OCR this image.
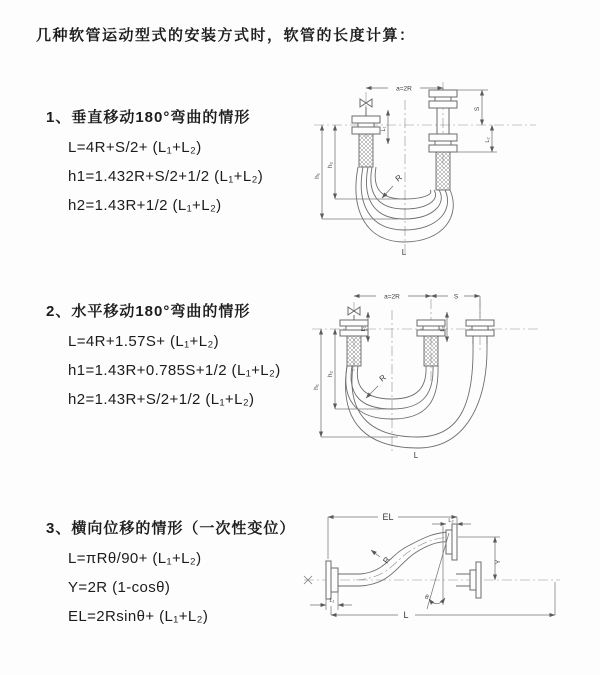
几种软管运动型式的安装方式时，软管的长度计算：
1、垂直移动180°弯曲的情形
L=4R+S/2+ (L₁+L₂)
h1=1.432R+S/2+1/2 (L₁+L₂)
h2=1.43R+1/2 (L₁+L₂)
2、水平移动180°弯曲的情形
L=4R+1.57S+ (L₁+L₂)
h1=1.43R+0.785S+1/2 (L₁+L₂)
h2=1.43R+S/2+1/2 (L₁+L₂)
3、横向位移的情形（一次性变位）
L=πRθ/90+ (L₁+L₂)
Y=2R (1-cosθ)
EL=2Rsinθ+ (L₁+L₂)
a=2R
h₁
h₂
L₁
S
L₂
R
L
a=2R	S
h₁
h₂
L₁	L₂
R
L
EL	L₂
Y
θ
R
L₁
L
